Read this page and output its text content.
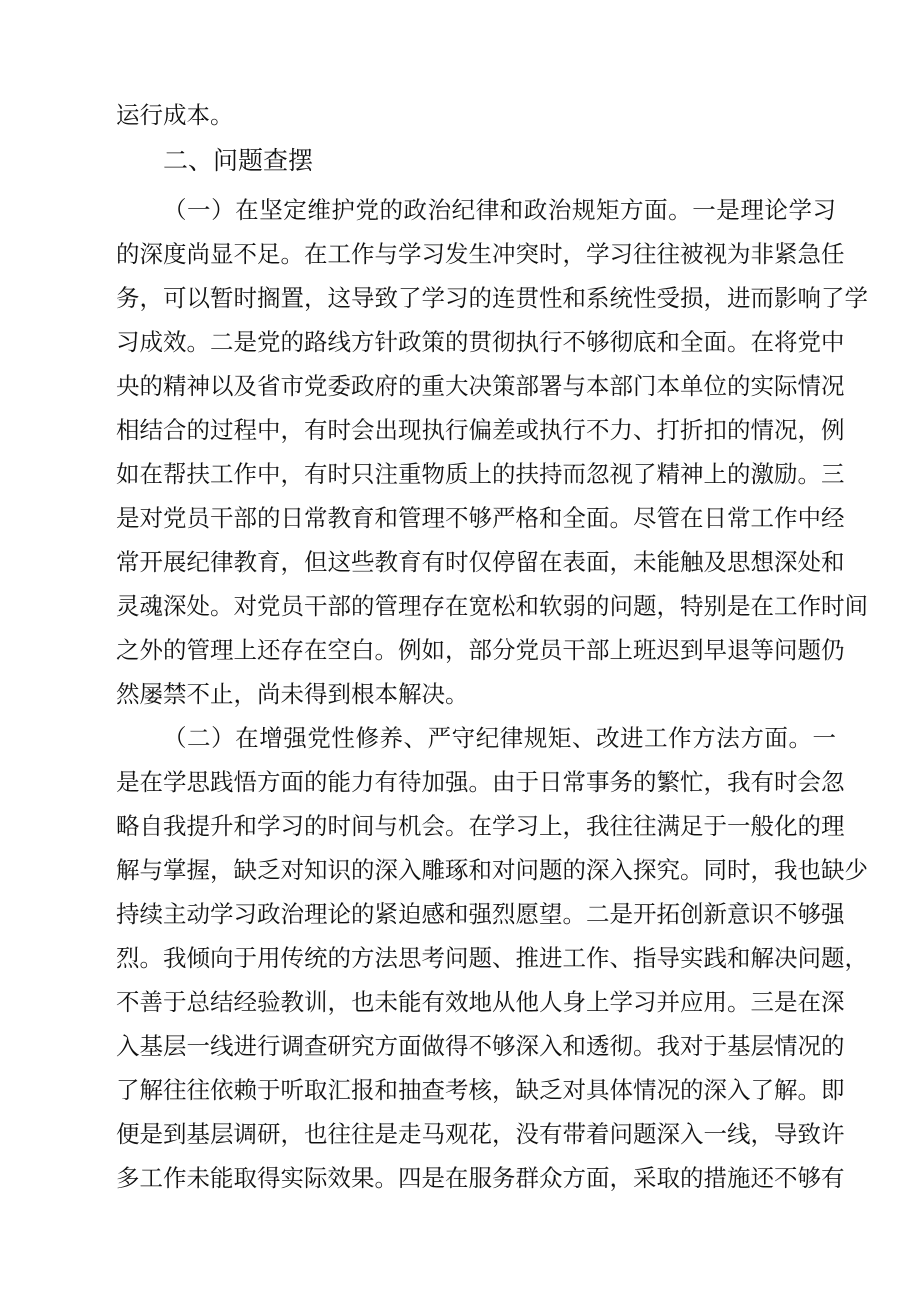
运行成本。
二、问题查摆
（一）在坚定维护党的政治纪律和政治规矩方面。一是理论学习
的深度尚显不足。在工作与学习发生冲突时，学习往往被视为非紧急任
务，可以暂时搁置，这导致了学习的连贯性和系统性受损，进而影响了学
习成效。二是党的路线方针政策的贯彻执行不够彻底和全面。在将党中
央的精神以及省市党委政府的重大决策部署与本部门本单位的实际情况
相结合的过程中，有时会出现执行偏差或执行不力、打折扣的情况，例
如在帮扶工作中，有时只注重物质上的扶持而忽视了精神上的激励。三
是对党员干部的日常教育和管理不够严格和全面。尽管在日常工作中经
常开展纪律教育，但这些教育有时仅停留在表面，未能触及思想深处和
灵魂深处。对党员干部的管理存在宽松和软弱的问题，特别是在工作时间
之外的管理上还存在空白。例如，部分党员干部上班迟到早退等问题仍
然屡禁不止，尚未得到根本解决。
（二）在增强党性修养、严守纪律规矩、改进工作方法方面。一
是在学思践悟方面的能力有待加强。由于日常事务的繁忙，我有时会忽
略自我提升和学习的时间与机会。在学习上，我往往满足于一般化的理
解与掌握，缺乏对知识的深入雕琢和对问题的深入探究。同时，我也缺少
持续主动学习政治理论的紧迫感和强烈愿望。二是开拓创新意识不够强
烈。我倾向于用传统的方法思考问题、推进工作、指导实践和解决问题，
不善于总结经验教训，也未能有效地从他人身上学习并应用。三是在深
入基层一线进行调查研究方面做得不够深入和透彻。我对于基层情况的
了解往往依赖于听取汇报和抽查考核，缺乏对具体情况的深入了解。即
便是到基层调研，也往往是走马观花，没有带着问题深入一线，导致许
多工作未能取得实际效果。四是在服务群众方面，采取的措施还不够有
